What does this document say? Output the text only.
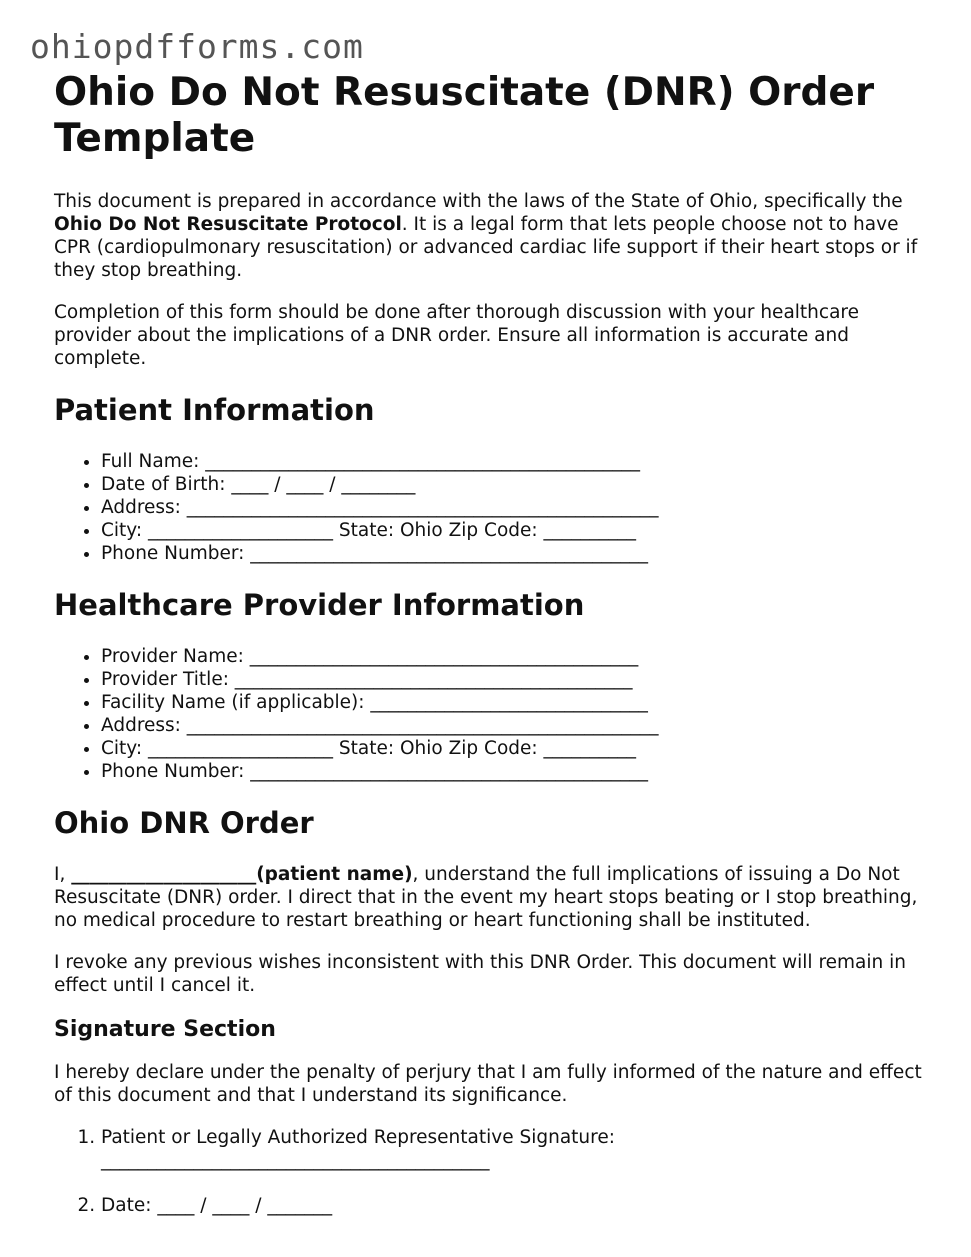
ohiopdfforms.com
Ohio Do Not Resuscitate (DNR) Order Template

This document is prepared in accordance with the laws of the State of Ohio, specifically the Ohio Do Not Resuscitate Protocol. It is a legal form that lets people choose not to have CPR (cardiopulmonary resuscitation) or advanced cardiac life support if their heart stops or if they stop breathing.

Completion of this form should be done after thorough discussion with your healthcare provider about the implications of a DNR order. Ensure all information is accurate and complete.

Patient Information
• Full Name: _______________________________________________
• Date of Birth: ____ / ____ / ________
• Address: ___________________________________________________
• City: ____________________ State: Ohio Zip Code: __________
• Phone Number: ___________________________________________
Healthcare Provider Information
• Provider Name: __________________________________________
• Provider Title: ___________________________________________
• Facility Name (if applicable): ______________________________
• Address: ___________________________________________________
• City: ____________________ State: Ohio Zip Code: __________
• Phone Number: ___________________________________________
Ohio DNR Order

I, ____________________(patient name), understand the full implications of issuing a Do Not Resuscitate (DNR) order. I direct that in the event my heart stops beating or I stop breathing, no medical procedure to restart breathing or heart functioning shall be instituted.

I revoke any previous wishes inconsistent with this DNR Order. This document will remain in effect until I cancel it.

Signature Section

I hereby declare under the penalty of perjury that I am fully informed of the nature and effect of this document and that I understand its significance.

1. Patient or Legally Authorized Representative Signature:
__________________________________________
2. Date: ____ / ____ / _______
